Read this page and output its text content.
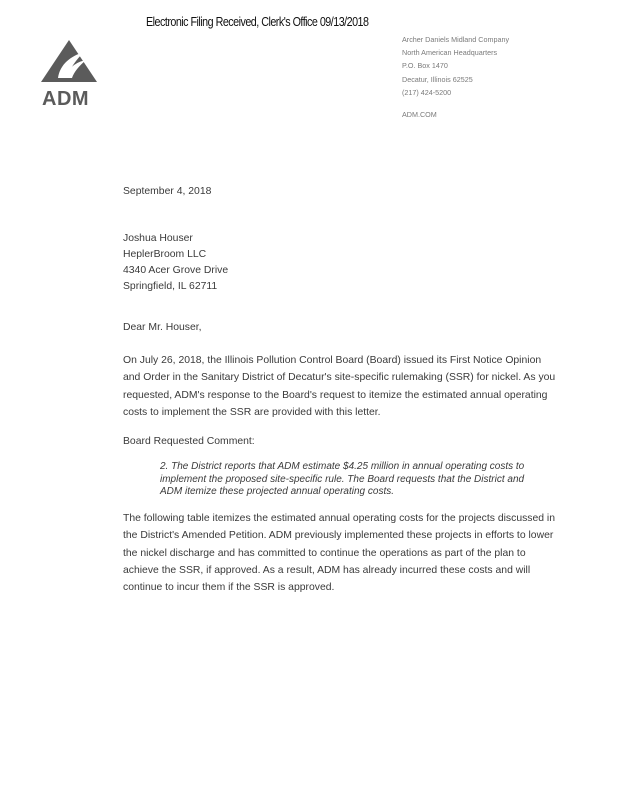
Electronic Filing Received, Clerk's Office 09/13/2018
ADM
Archer Daniels Midland Company
North American Headquarters
P.O. Box 1470
Decatur, Illinois 62525
(217) 424-5200
ADM.COM
September 4, 2018
Joshua Houser
HeplerBroom LLC
4340 Acer Grove Drive
Springfield, IL 62711
Dear Mr. Houser,
On July 26, 2018, the Illinois Pollution Control Board (Board) issued its First Notice Opinion
and Order in the Sanitary District of Decatur's site-specific rulemaking (SSR) for nickel. As you
requested, ADM's response to the Board's request to itemize the estimated annual operating
costs to implement the SSR are provided with this letter.
Board Requested Comment:
2. The District reports that ADM estimate $4.25 million in annual operating costs to
implement the proposed site-specific rule. The Board requests that the District and
ADM itemize these projected annual operating costs.
The following table itemizes the estimated annual operating costs for the projects discussed in
the District's Amended Petition. ADM previously implemented these projects in efforts to lower
the nickel discharge and has committed to continue the operations as part of the plan to
achieve the SSR, if approved. As a result, ADM has already incurred these costs and will
continue to incur them if the SSR is approved.
